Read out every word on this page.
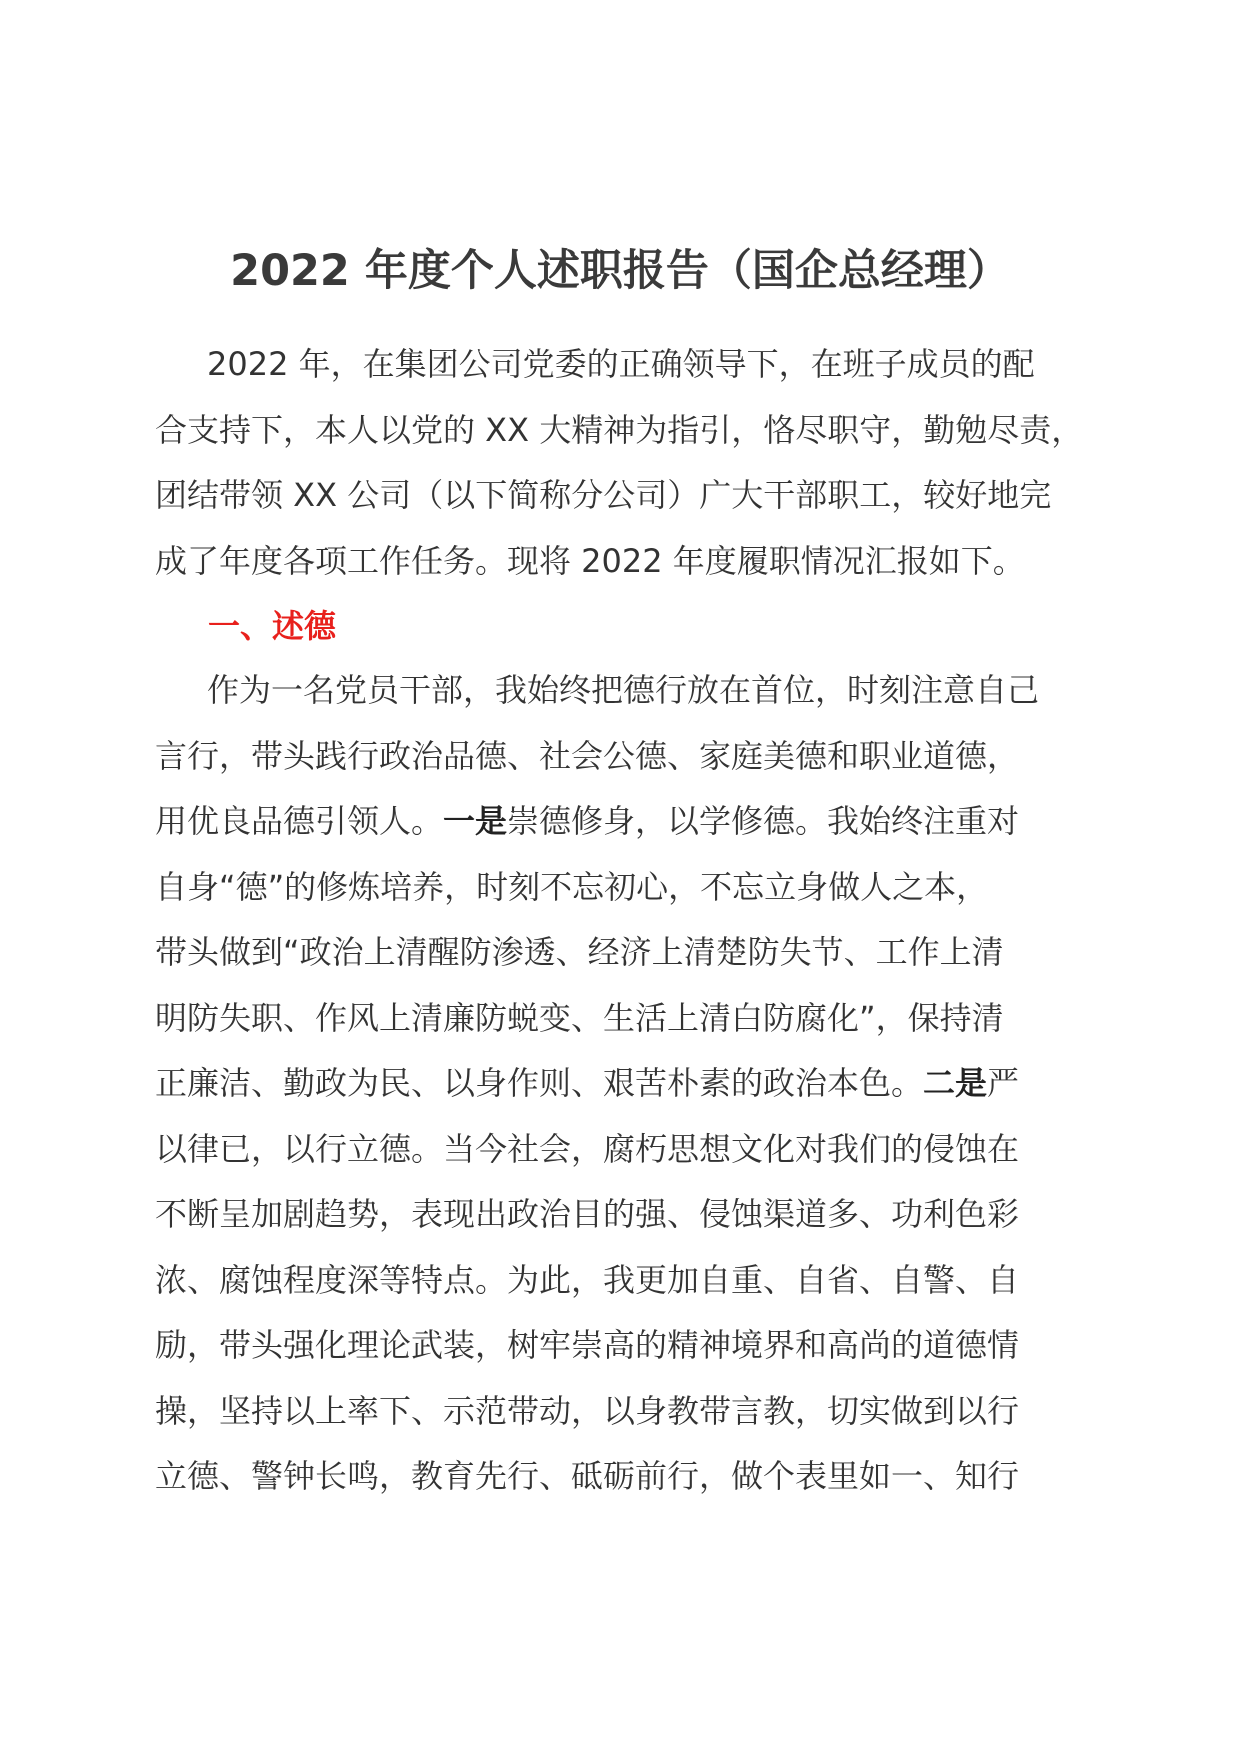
2022 年度个人述职报告（国企总经理）
2022 年，在集团公司党委的正确领导下，在班子成员的配
合支持下，本人以党的 XX 大精神为指引，恪尽职守，勤勉尽责，
团结带领 XX 公司（以下简称分公司）广大干部职工，较好地完
成了年度各项工作任务。现将 2022 年度履职情况汇报如下。
一、述德
作为一名党员干部，我始终把德行放在首位，时刻注意自己
言行，带头践行政治品德、社会公德、家庭美德和职业道德，
用优良品德引领人。一是崇德修身，以学修德。我始终注重对
自身“德”的修炼培养，时刻不忘初心，不忘立身做人之本，
带头做到“政治上清醒防渗透、经济上清楚防失节、工作上清
明防失职、作风上清廉防蜕变、生活上清白防腐化”，保持清
正廉洁、勤政为民、以身作则、艰苦朴素的政治本色。二是严
以律已，以行立德。当今社会，腐朽思想文化对我们的侵蚀在
不断呈加剧趋势，表现出政治目的强、侵蚀渠道多、功利色彩
浓、腐蚀程度深等特点。为此，我更加自重、自省、自警、自
励，带头强化理论武装，树牢崇高的精神境界和高尚的道德情
操，坚持以上率下、示范带动，以身教带言教，切实做到以行
立德、警钟长鸣，教育先行、砥砺前行，做个表里如一、知行
